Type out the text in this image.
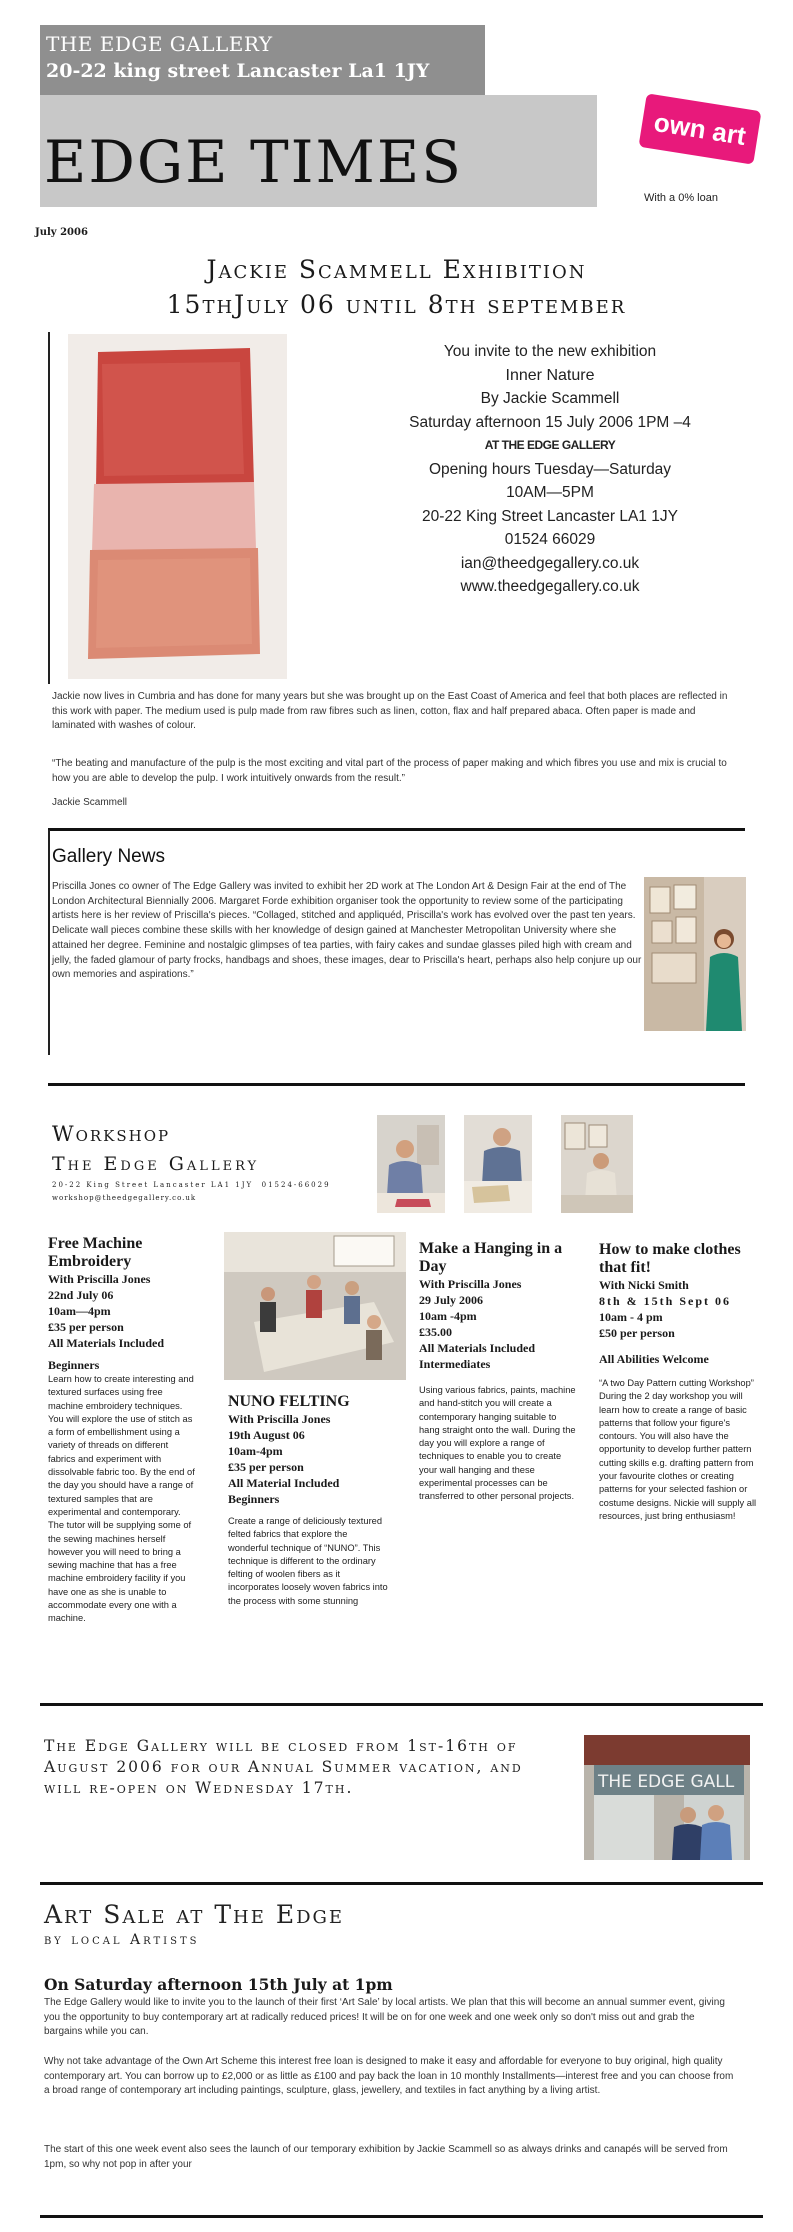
THE EDGE GALLERY
20-22 king street Lancaster La1 1JY
EDGE TIMES	own art
With a 0% loan
July 2006
Jackie Scammell Exhibition
15thJuly 06 until 8th september
You invite to the new exhibition
Inner Nature
By Jackie Scammell
Saturday afternoon 15 July 2006 1PM –4
AT THE EDGE GALLERY
Opening hours Tuesday—Saturday
10AM—5PM
20-22 King Street Lancaster LA1 1JY
01524 66029
ian@theedgegallery.co.uk
www.theedgegallery.co.uk
Jackie now lives in Cumbria and has done for many years but she was brought up on the East Coast of America and feel that both places are reflected in this work with paper. The medium used is pulp made from raw fibres such as linen, cotton, flax and half prepared abaca. Often paper is made and laminated with washes of colour.
“The beating and manufacture of the pulp is the most exciting and vital part of the process of paper making and which fibres you use and mix is crucial to how you are able to develop the pulp. I work intuitively onwards from the result.”
Jackie Scammell
Gallery News
Priscilla Jones co owner of The Edge Gallery was invited to exhibit her 2D work at The London Art & Design Fair at the end of The London Architectural Biennially 2006. Margaret Forde exhibition organiser took the opportunity to review some of the participating artists here is her review of Priscilla's pieces. “Collaged, stitched and appliquéd, Priscilla's work has evolved over the past ten years. Delicate wall pieces combine these skills with her knowledge of design gained at Manchester Metropolitan University where she attained her degree. Feminine and nostalgic glimpses of tea parties, with fairy cakes and sundae glasses piled high with cream and jelly, the faded glamour of party frocks, handbags and shoes, these images, dear to Priscilla's heart, perhaps also help conjure up our own memories and aspirations.”
Workshop
The Edge Gallery
20-22 King Street Lancaster LA1 1JY 01524-66029
workshop@theedgegallery.co.uk
Free Machine Embroidery
With Priscilla Jones
22nd July 06
10am—4pm
£35 per person
All Materials Included
Beginners
Learn how to create interesting and textured surfaces using free machine embroidery techniques. You will explore the use of stitch as a form of embellishment using a variety of threads on different fabrics and experiment with dissolvable fabric too. By the end of the day you should have a range of textured samples that are experimental and contemporary. The tutor will be supplying some of the sewing machines herself however you will need to bring a sewing machine that has a free machine embroidery facility if you have one as she is unable to accommodate every one with a machine.
NUNO FELTING
With Priscilla Jones
19th August 06
10am-4pm
£35 per person
All Material Included
Beginners
Create a range of deliciously textured felted fabrics that explore the wonderful technique of “NUNO”. This technique is different to the ordinary felting of woolen fibers as it incorporates loosely woven fabrics into the process with some stunning
Make a Hanging in a Day
With Priscilla Jones
29 July 2006
10am -4pm
£35.00
All Materials Included
Intermediates
Using various fabrics, paints, machine and hand-stitch you will create a contemporary hanging suitable to hang straight onto the wall. During the day you will explore a range of techniques to enable you to create your wall hanging and these experimental processes can be transferred to other personal projects.
How to make clothes that fit!
With Nicki Smith
8th & 15th Sept 06
10am - 4 pm
£50 per person
All Abilities Welcome
“A two Day Pattern cutting Workshop” During the 2 day workshop you will learn how to create a range of basic patterns that follow your figure's contours. You will also have the opportunity to develop further pattern cutting skills e.g. drafting pattern from your favourite clothes or creating patterns for your selected fashion or costume designs. Nickie will supply all resources, just bring enthusiasm!
The Edge Gallery will be closed from 1st-16th of August 2006 for our Annual Summer vacation, and will re-open on Wednesday 17th.	THE EDGE GALL
Art Sale at The Edge
by local Artists
On Saturday afternoon 15th July at 1pm
The Edge Gallery would like to invite you to the launch of their first ‘Art Sale’ by local artists. We plan that this will become an annual summer event, giving you the opportunity to buy contemporary art at radically reduced prices! It will be on for one week and one week only so don't miss out and grab the bargains while you can.
Why not take advantage of the Own Art Scheme this interest free loan is designed to make it easy and affordable for everyone to buy original, high quality contemporary art. You can borrow up to £2,000 or as little as £100 and pay back the loan in 10 monthly Installments—interest free and you can choose from a broad range of contemporary art including paintings, sculpture, glass, jewellery, and textiles in fact anything by a living artist.
The start of this one week event also sees the launch of our temporary exhibition by Jackie Scammell so as always drinks and canapés will be served from 1pm, so why not pop in after your
